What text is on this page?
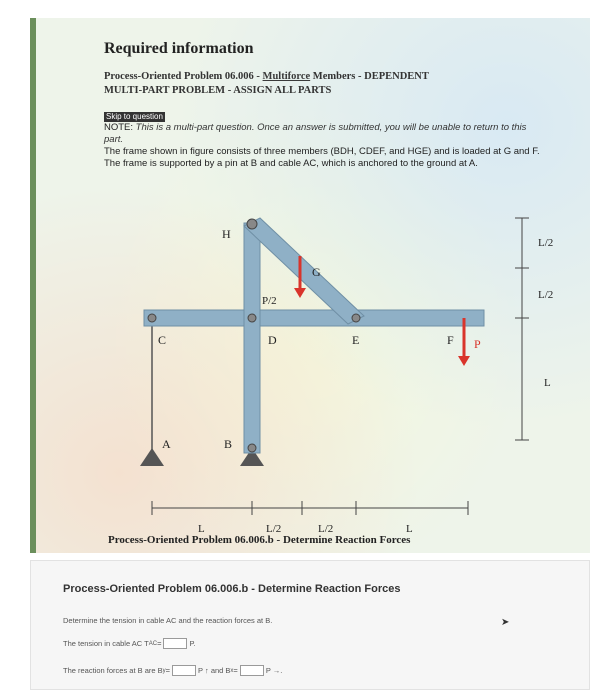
Required information
Process-Oriented Problem 06.006 - Multiforce Members - DEPENDENT
MULTI-PART PROBLEM - ASSIGN ALL PARTS
Skip to question
NOTE: This is a multi-part question. Once an answer is submitted, you will be unable to return to this part.
The frame shown in figure consists of three members (BDH, CDEF, and HGE) and is loaded at G and F. The frame is supported by a pin at B and cable AC, which is anchored to the ground at A.
H
G
P/2
C	D	E	F P
A	B
L/2
L/2
L
L	L/2	L/2	L
Process-Oriented Problem 06.006.b - Determine Reaction Forces
Process-Oriented Problem 06.006.b - Determine Reaction Forces
Determine the tension in cable AC and the reaction forces at B.
The tension in cable AC T AC =	P.
The reaction forces at B are B y =	P ↑ and B x =	P →.
➤
